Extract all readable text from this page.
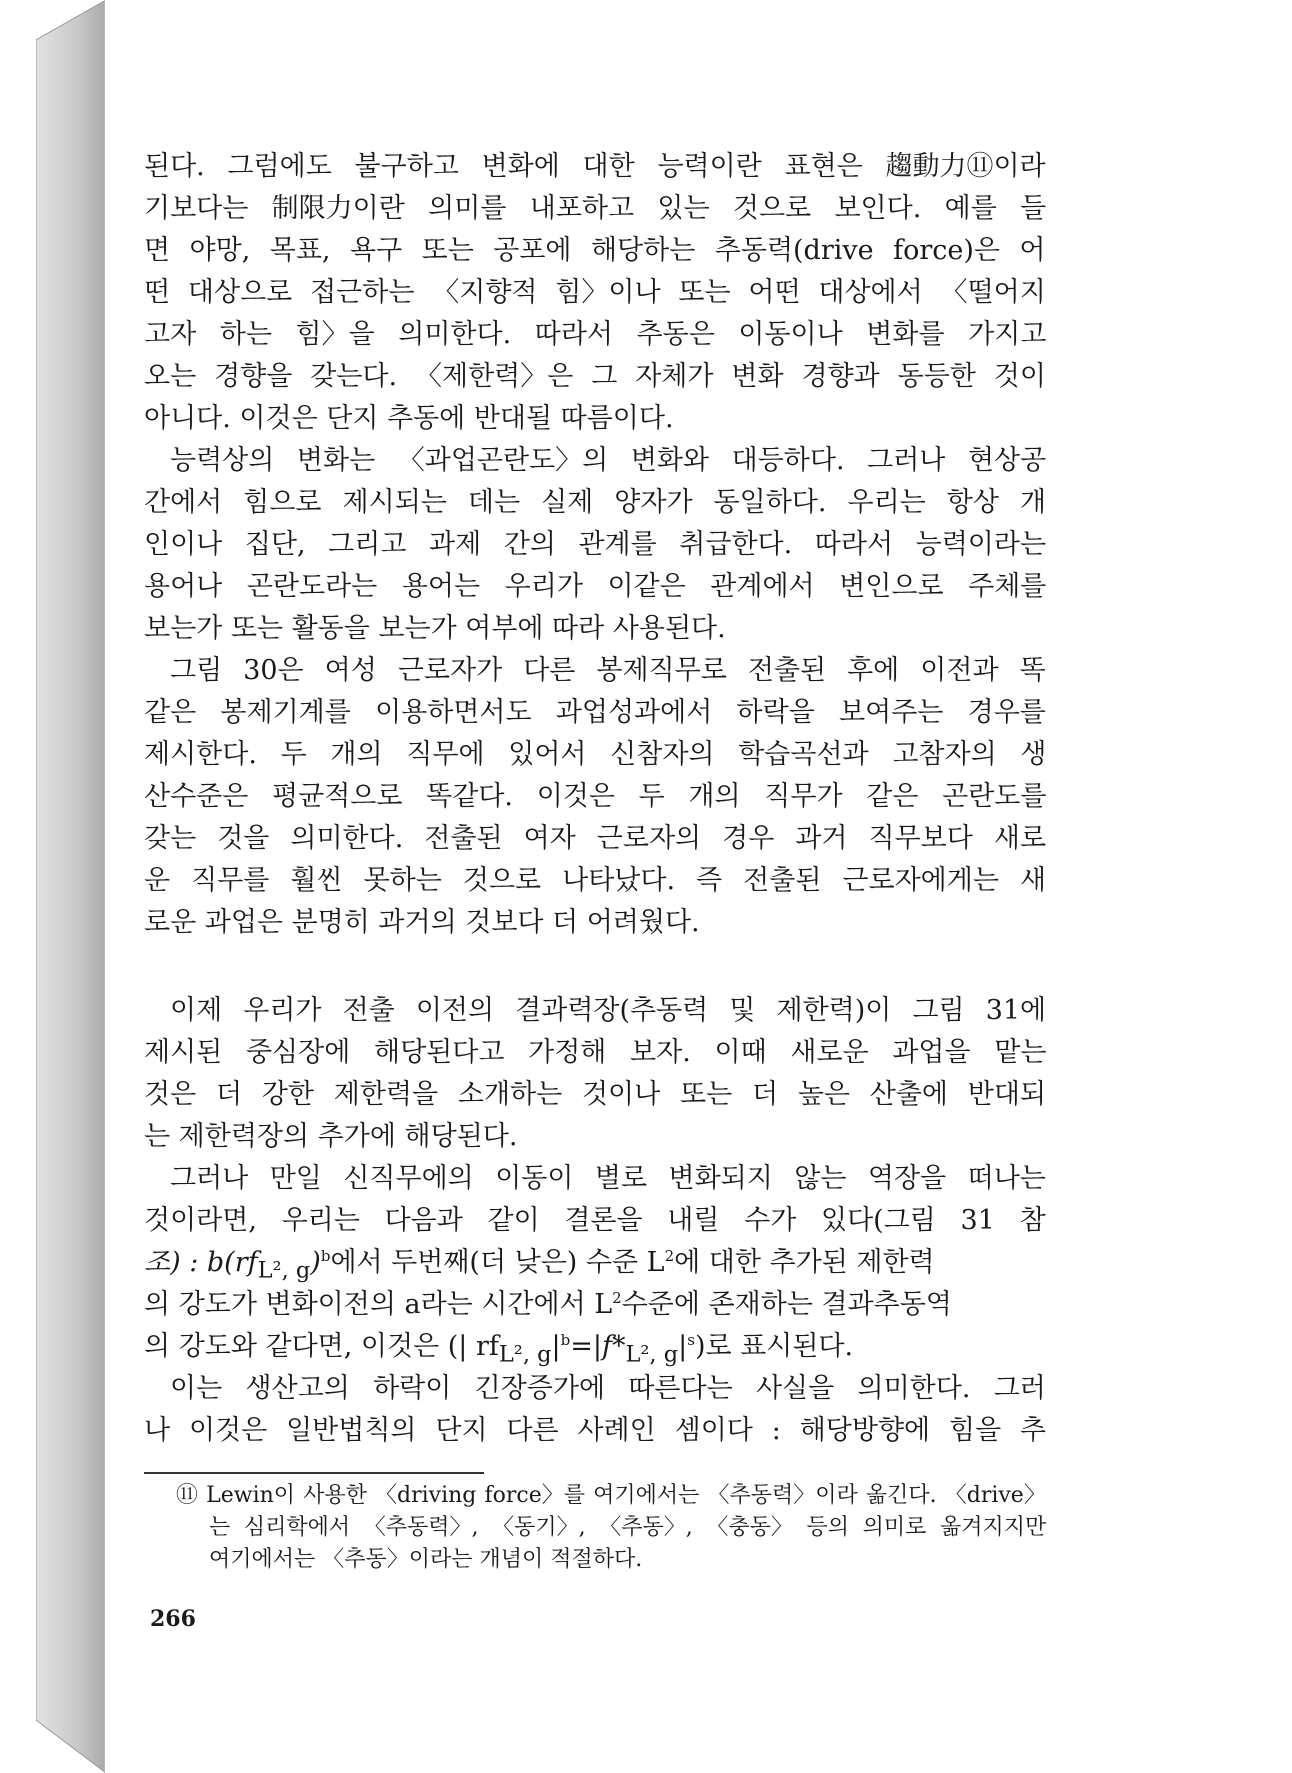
된다. 그럼에도 불구하고 변화에 대한 능력이란 표현은 趨動力⑪이라
기보다는 制限力이란 의미를 내포하고 있는 것으로 보인다. 예를 들
면 야망, 목표, 욕구 또는 공포에 해당하는 추동력(drive force)은 어
떤 대상으로 접근하는 〈지향적 힘〉이나 또는 어떤 대상에서 〈떨어지
고자 하는 힘〉을 의미한다. 따라서 추동은 이동이나 변화를 가지고
오는 경향을 갖는다. 〈제한력〉은 그 자체가 변화 경향과 동등한 것이
아니다. 이것은 단지 추동에 반대될 따름이다.
능력상의 변화는 〈과업곤란도〉의 변화와 대등하다. 그러나 현상공
간에서 힘으로 제시되는 데는 실제 양자가 동일하다. 우리는 항상 개
인이나 집단, 그리고 과제 간의 관계를 취급한다. 따라서 능력이라는
용어나 곤란도라는 용어는 우리가 이같은 관계에서 변인으로 주체를
보는가 또는 활동을 보는가 여부에 따라 사용된다.
그림 30은 여성 근로자가 다른 봉제직무로 전출된 후에 이전과 똑
같은 봉제기계를 이용하면서도 과업성과에서 하락을 보여주는 경우를
제시한다. 두 개의 직무에 있어서 신참자의 학습곡선과 고참자의 생
산수준은 평균적으로 똑같다. 이것은 두 개의 직무가 같은 곤란도를
갖는 것을 의미한다. 전출된 여자 근로자의 경우 과거 직무보다 새로
운 직무를 훨씬 못하는 것으로 나타났다. 즉 전출된 근로자에게는 새
로운 과업은 분명히 과거의 것보다 더 어려웠다.
이제 우리가 전출 이전의 결과력장(추동력 및 제한력)이 그림 31에
제시된 중심장에 해당된다고 가정해 보자. 이때 새로운 과업을 맡는
것은 더 강한 제한력을 소개하는 것이나 또는 더 높은 산출에 반대되
는 제한력장의 추가에 해당된다.
그러나 만일 신직무에의 이동이 별로 변화되지 않는 역장을 떠나는
것이라면, 우리는 다음과 같이 결론을 내릴 수가 있다(그림 31 참
조) : $b(rf_{L^2, g})^b$에서 두번째(더 낮은) 수준 $L^2$에 대한 추가된 제한력
의 강도가 변화이전의 a라는 시간에서 $L^2$수준에 존재하는 결과추동역
의 강도와 같다면, 이것은 (| $rf_{L^2, g}|^b=|f*_{L^2, g}|^s$)로 표시된다.
이는 생산고의 하락이 긴장증가에 따른다는 사실을 의미한다. 그러
나 이것은 일반법칙의 단지 다른 사례인 셈이다 : 해당방향에 힘을 추
⑪ Lewin이 사용한 〈driving force〉를 여기에서는 〈추동력〉이라 옮긴다. 〈drive〉
는 심리학에서 〈추동력〉, 〈동기〉, 〈추동〉, 〈충동〉 등의 의미로 옮겨지지만
여기에서는 〈추동〉이라는 개념이 적절하다.
266
